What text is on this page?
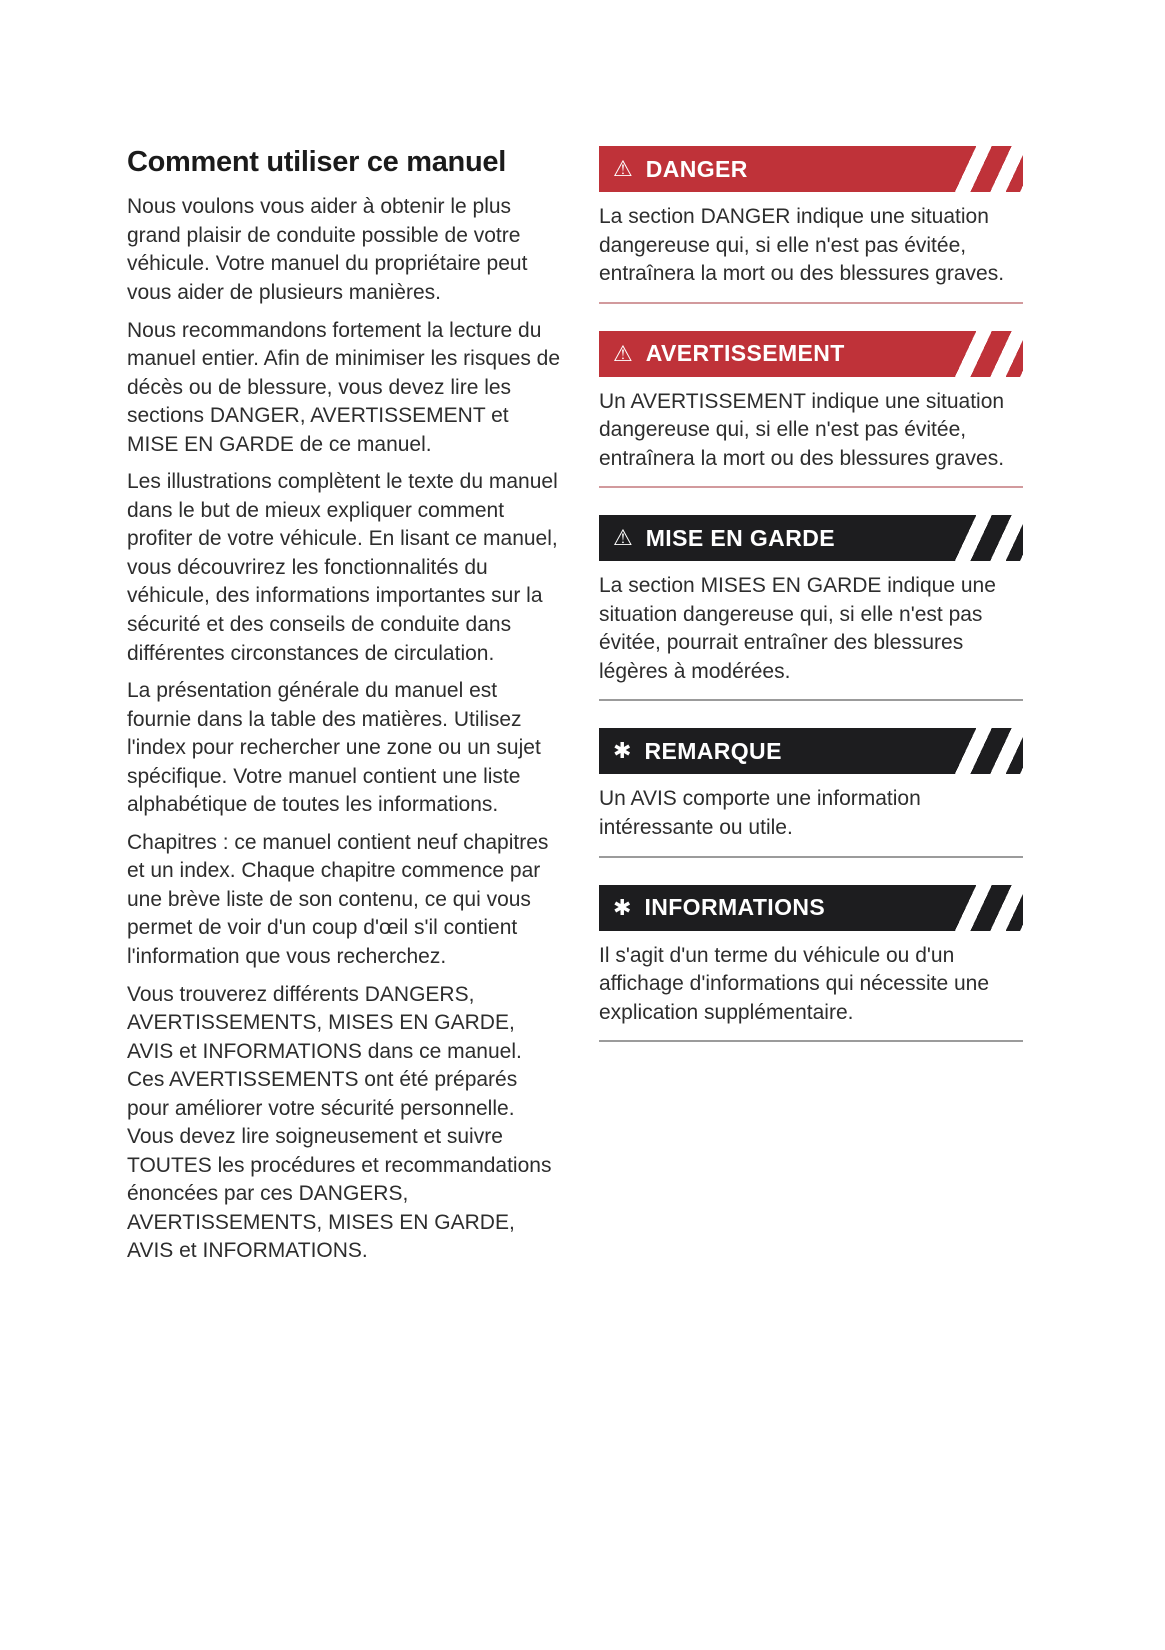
Comment utiliser ce manuel

Nous voulons vous aider à obtenir le plus grand plaisir de conduite possible de votre véhicule. Votre manuel du propriétaire peut vous aider de plusieurs manières.

Nous recommandons fortement la lecture du manuel entier. Afin de minimiser les risques de décès ou de blessure, vous devez lire les sections DANGER, AVERTISSEMENT et MISE EN GARDE de ce manuel.

Les illustrations complètent le texte du manuel dans le but de mieux expliquer comment profiter de votre véhicule. En lisant ce manuel, vous découvrirez les fonctionnalités du véhicule, des informations importantes sur la sécurité et des conseils de conduite dans différentes circonstances de circulation.

La présentation générale du manuel est fournie dans la table des matières. Utilisez l'index pour rechercher une zone ou un sujet spécifique. Votre manuel contient une liste alphabétique de toutes les informations.

Chapitres : ce manuel contient neuf chapitres et un index. Chaque chapitre commence par une brève liste de son contenu, ce qui vous permet de voir d'un coup d'œil s'il contient l'information que vous recherchez.

Vous trouverez différents DANGERS, AVERTISSEMENTS, MISES EN GARDE, AVIS et INFORMATIONS dans ce manuel. Ces AVERTISSEMENTS ont été préparés pour améliorer votre sécurité personnelle. Vous devez lire soigneusement et suivre TOUTES les procédures et recommandations énoncées par ces DANGERS, AVERTISSEMENTS, MISES EN GARDE, AVIS et INFORMATIONS.

⚠ DANGER

La section DANGER indique une situation dangereuse qui, si elle n'est pas évitée, entraînera la mort ou des blessures graves.

⚠ AVERTISSEMENT

Un AVERTISSEMENT indique une situation dangereuse qui, si elle n'est pas évitée, entraînera la mort ou des blessures graves.

⚠ MISE EN GARDE

La section MISES EN GARDE indique une situation dangereuse qui, si elle n'est pas évitée, pourrait entraîner des blessures légères à modérées.

✱ REMARQUE

Un AVIS comporte une information intéressante ou utile.

✱ INFORMATIONS

Il s'agit d'un terme du véhicule ou d'un affichage d'informations qui nécessite une explication supplémentaire.
